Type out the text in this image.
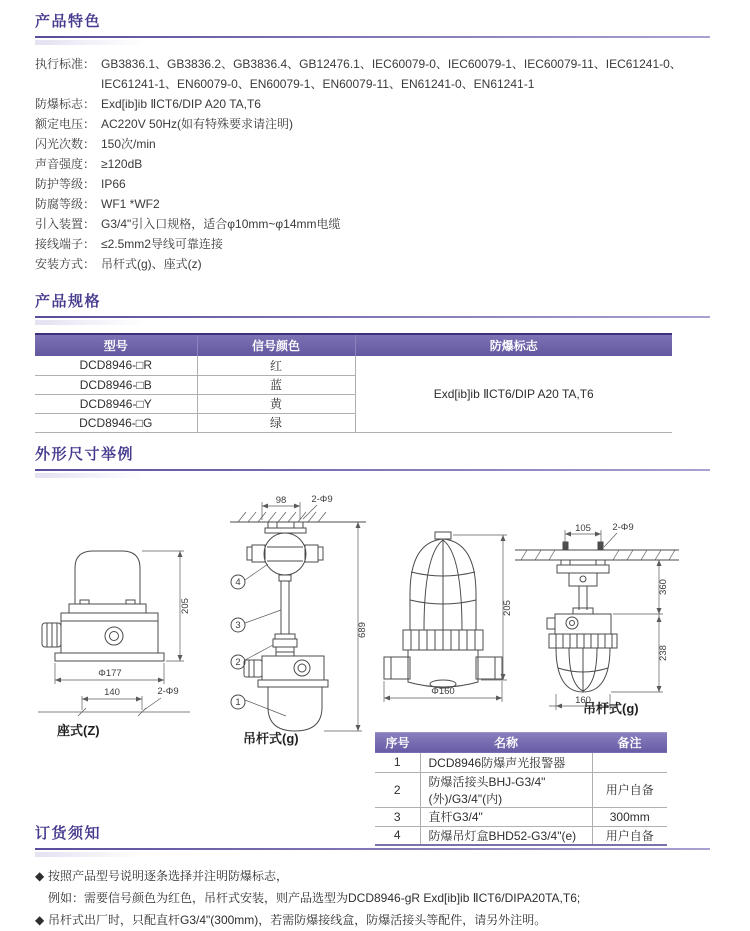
产品特色
执行标准： GB3836.1、GB3836.2、GB3836.4、GB12476.1、IEC60079-0、IEC60079-1、IEC60079-11、IEC61241-0、IEC61241-1、EN60079-0、EN60079-1、EN60079-11、EN61241-0、EN61241-1
防爆标志： Exd[ib]ib ⅡCT6/DIP A20 TA,T6
额定电压： AC220V 50Hz(如有特殊要求请注明)
闪光次数： 150次/min
声音强度： ≥120dB
防护等级： IP66
防腐等级： WF1 *WF2
引入装置： G3/4"引入口规格，适合φ10mm~φ14mm电缆
接线端子： ≤2.5mm2导线可靠连接
安装方式： 吊杆式(g)、座式(z)
产品规格
型号	信号颜色	防爆标志
DCD8946-□R	红	Exd[ib]ib ⅡCT6/DIP A20 TA,T6
DCD8946-□B	蓝	
DCD8946-□Y	黄	
DCD8946-□G	绿	
外形尺寸举例
205
Φ177
140	2-Φ9
座式(Z)
98	2-Φ9
689
4
3
2
1
吊杆式(g)
205
Φ160
105 2-Φ9
360
238
160
吊杆式(g)
序号	名称	备注
1	DCD8946防爆声光报警器	
2	防爆活接头BHJ-G3/4"(外)/G3/4"(内)	用户自备
3	直杆G3/4"	300mm
4	防爆吊灯盒BHD52-G3/4"(e)	用户自备
订货须知
◆ 按照产品型号说明逐条选择并注明防爆标志，
例如：需要信号颜色为红色，吊杆式安装，则产品选型为DCD8946-gR Exd[ib]ib ⅡCT6/DIPA20TA,T6;
◆ 吊杆式出厂时，只配直杆G3/4"(300mm)，若需防爆接线盒，防爆活接头等配件，请另外注明。
